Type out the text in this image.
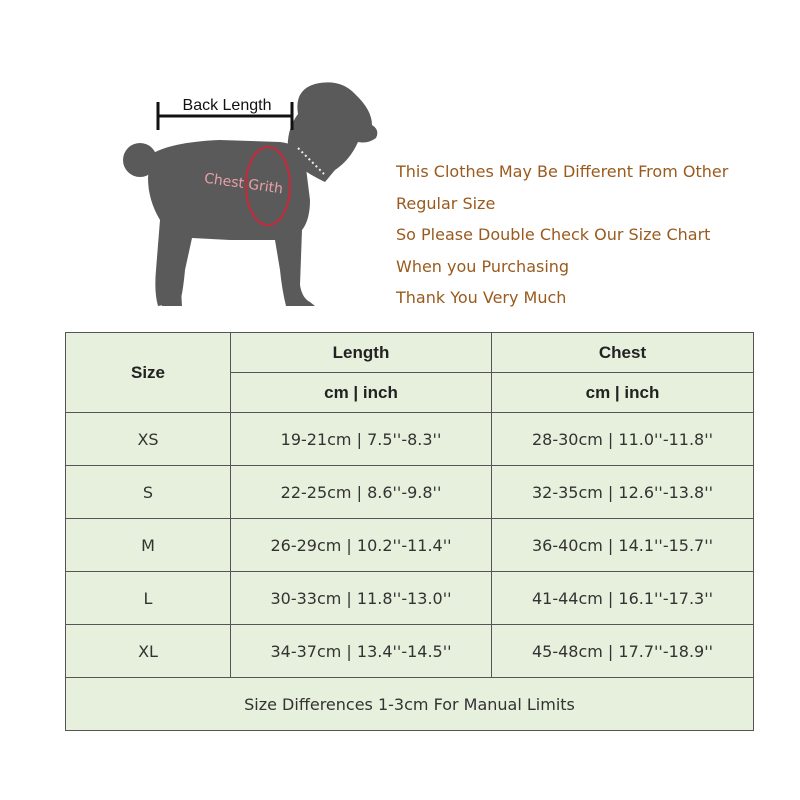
Back Length
Chest Grith	This Clothes May Be Different From Other
Regular Size
So Please Double Check Our Size Chart
When you Purchasing
Thank You Very Much
Size	Length	Chest
	cm | inch	cm | inch
XS	19-21cm | 7.5''-8.3''	28-30cm | 11.0''-11.8''
S	22-25cm | 8.6''-9.8''	32-35cm | 12.6''-13.8''
M	26-29cm | 10.2''-11.4''	36-40cm | 14.1''-15.7''
L	30-33cm | 11.8''-13.0''	41-44cm | 16.1''-17.3''
XL	34-37cm | 13.4''-14.5''	45-48cm | 17.7''-18.9''
Size Differences 1-3cm For Manual Limits		
